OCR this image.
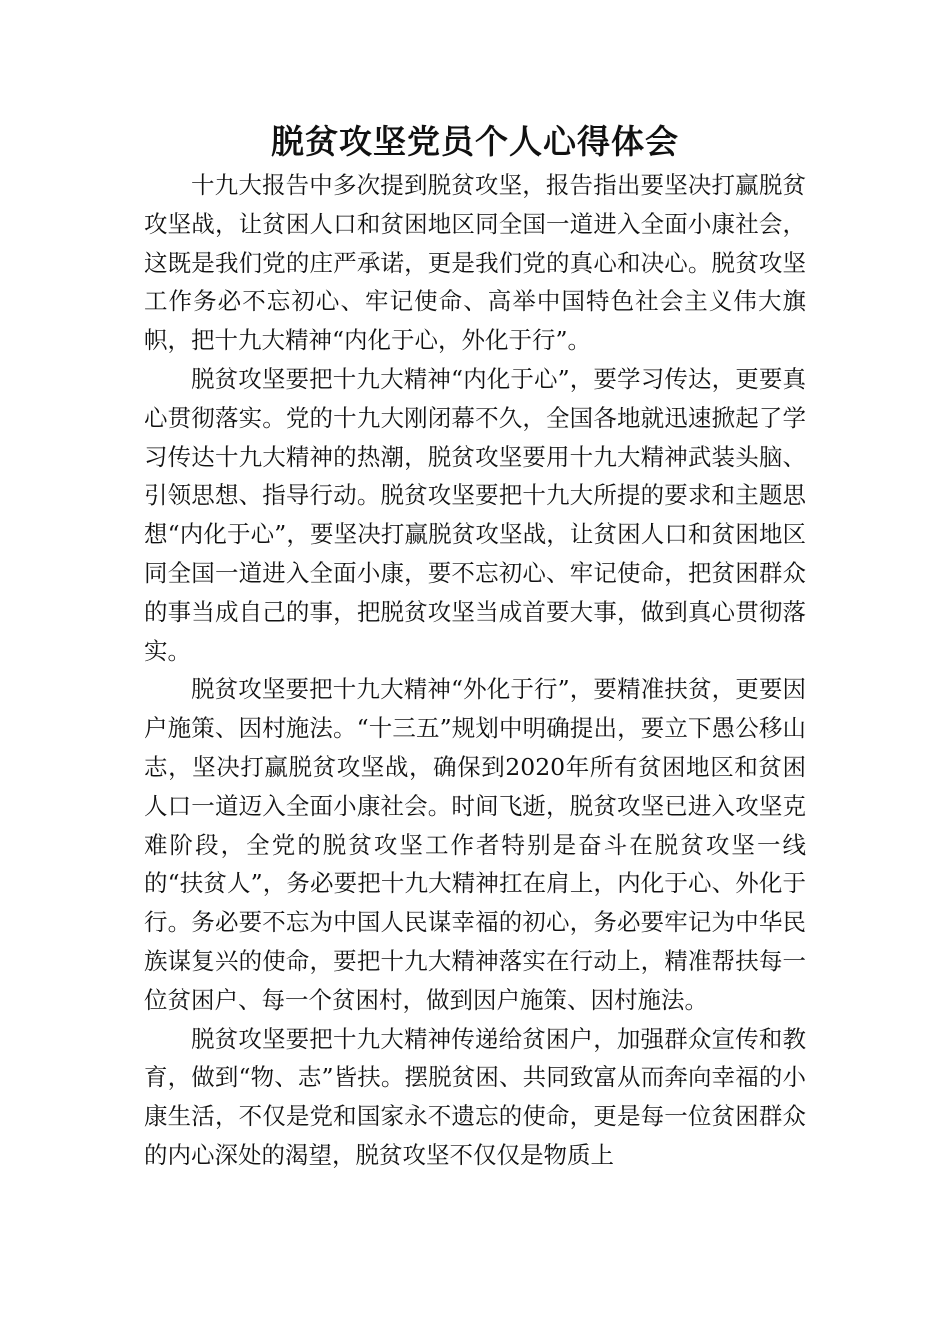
脱贫攻坚党员个人心得体会

十九大报告中多次提到脱贫攻坚，报告指出要坚决打赢脱贫攻坚战，让贫困人口和贫困地区同全国一道进入全面小康社会，这既是我们党的庄严承诺，更是我们党的真心和决心。脱贫攻坚工作务必不忘初心、牢记使命、高举中国特色社会主义伟大旗帜，把十九大精神“内化于心，外化于行”。

脱贫攻坚要把十九大精神“内化于心”，要学习传达，更要真心贯彻落实。党的十九大刚闭幕不久，全国各地就迅速掀起了学习传达十九大精神的热潮，脱贫攻坚要用十九大精神武装头脑、引领思想、指导行动。脱贫攻坚要把十九大所提的要求和主题思想“内化于心”，要坚决打赢脱贫攻坚战，让贫困人口和贫困地区同全国一道进入全面小康，要不忘初心、牢记使命，把贫困群众的事当成自己的事，把脱贫攻坚当成首要大事，做到真心贯彻落实。

脱贫攻坚要把十九大精神“外化于行”，要精准扶贫，更要因户施策、因村施法。“十三五”规划中明确提出，要立下愚公移山志，坚决打赢脱贫攻坚战，确保到2020年所有贫困地区和贫困人口一道迈入全面小康社会。时间飞逝，脱贫攻坚已进入攻坚克难阶段，全党的脱贫攻坚工作者特别是奋斗在脱贫攻坚一线的“扶贫人”，务必要把十九大精神扛在肩上，内化于心、外化于行。务必要不忘为中国人民谋幸福的初心，务必要牢记为中华民族谋复兴的使命，要把十九大精神落实在行动上，精准帮扶每一位贫困户、每一个贫困村，做到因户施策、因村施法。

脱贫攻坚要把十九大精神传递给贫困户，加强群众宣传和教育，做到“物、志”皆扶。摆脱贫困、共同致富从而奔向幸福的小康生活，不仅是党和国家永不遗忘的使命，更是每一位贫困群众的内心深处的渴望，脱贫攻坚不仅仅是物质上
